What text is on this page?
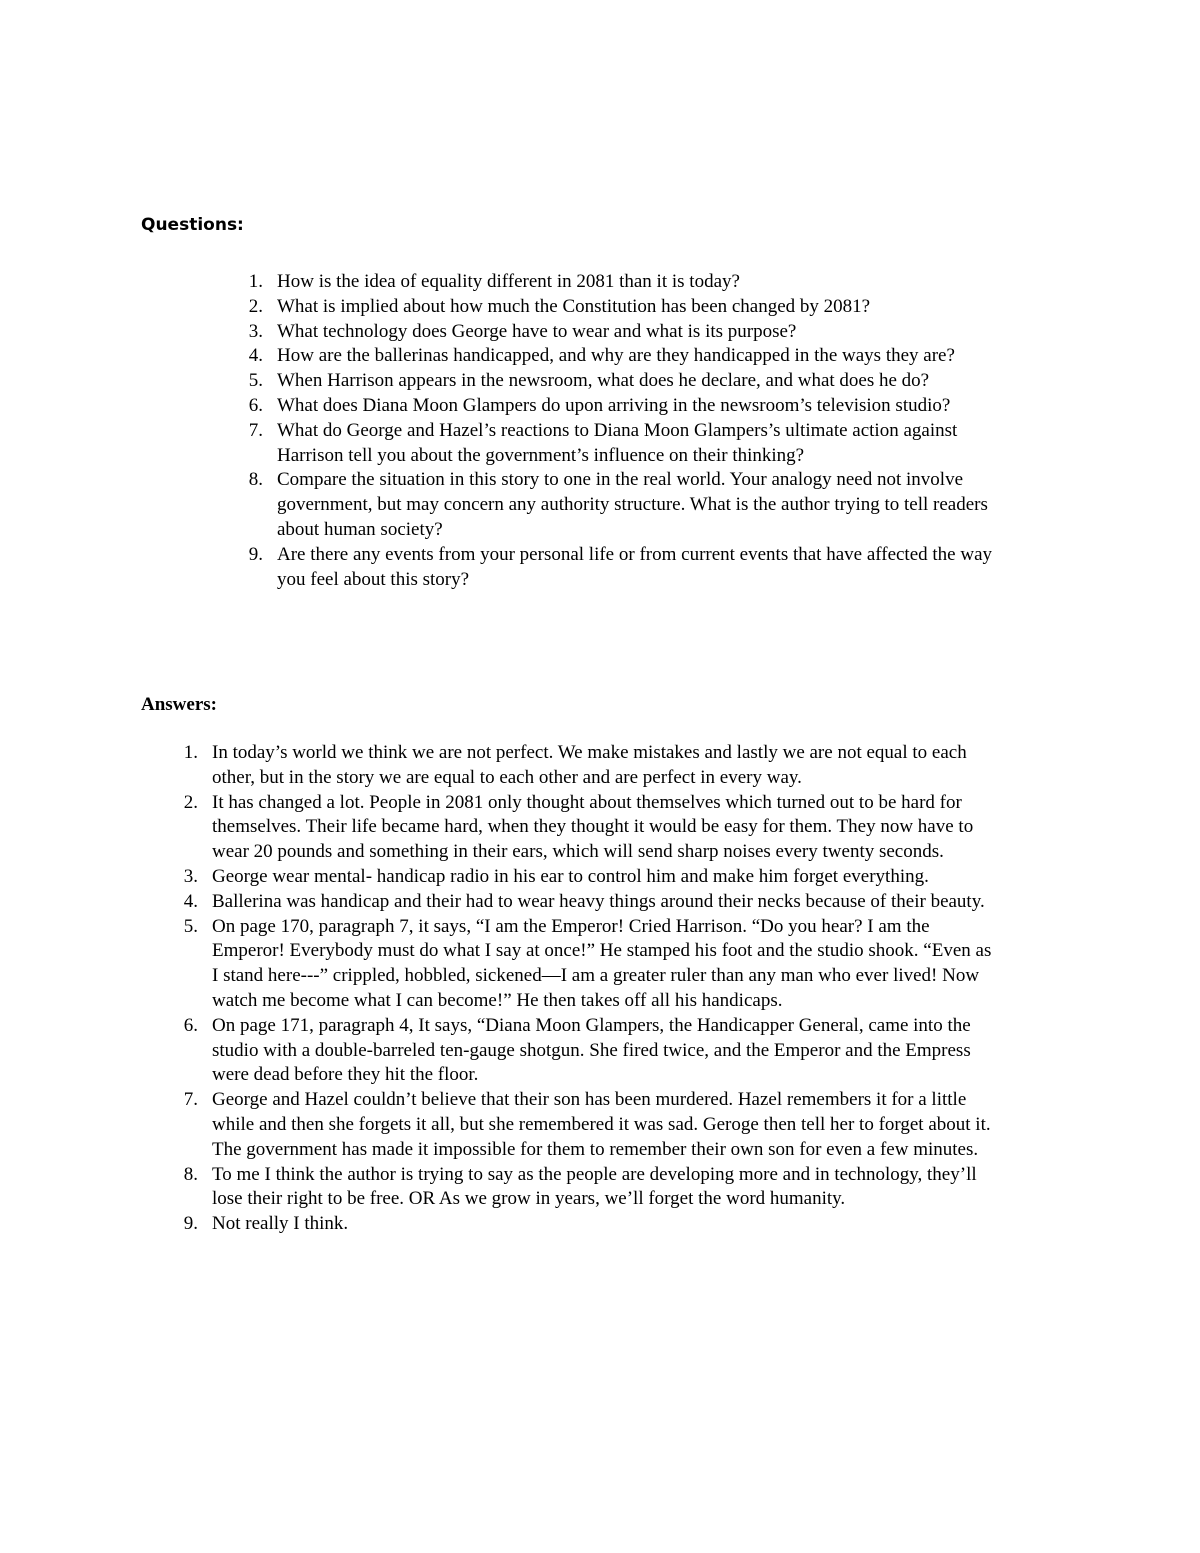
Questions:
1. How is the idea of equality different in 2081 than it is today?
2. What is implied about how much the Constitution has been changed by 2081?
3. What technology does George have to wear and what is its purpose?
4. How are the ballerinas handicapped, and why are they handicapped in the ways they are?
5. When Harrison appears in the newsroom, what does he declare, and what does he do?
6. What does Diana Moon Glampers do upon arriving in the newsroom’s television studio?
7. What do George and Hazel’s reactions to Diana Moon Glampers’s ultimate action against Harrison tell you about the government’s influence on their thinking?
8. Compare the situation in this story to one in the real world. Your analogy need not involve government, but may concern any authority structure. What is the author trying to tell readers about human society?
9. Are there any events from your personal life or from current events that have affected the way you feel about this story?
Answers:
1. In today’s world we think we are not perfect. We make mistakes and lastly we are not equal to each other, but in the story we are equal to each other and are perfect in every way.
2. It has changed a lot. People in 2081 only thought about themselves which turned out to be hard for themselves. Their life became hard, when they thought it would be easy for them. They now have to wear 20 pounds and something in their ears, which will send sharp noises every twenty seconds.
3. George wear mental- handicap radio in his ear to control him and make him forget everything.
4. Ballerina was handicap and their had to wear heavy things around their necks because of their beauty.
5. On page 170, paragraph 7, it says, “I am the Emperor! Cried Harrison. “Do you hear? I am the Emperor! Everybody must do what I say at once!” He stamped his foot and the studio shook. “Even as I stand here---” crippled, hobbled, sickened—I am a greater ruler than any man who ever lived! Now watch me become what I can become!” He then takes off all his handicaps.
6. On page 171, paragraph 4, It says, “Diana Moon Glampers, the Handicapper General, came into the studio with a double-barreled ten-gauge shotgun. She fired twice, and the Emperor and the Empress were dead before they hit the floor.
7. George and Hazel couldn’t believe that their son has been murdered. Hazel remembers it for a little while and then she forgets it all, but she remembered it was sad. Geroge then tell her to forget about it. The government has made it impossible for them to remember their own son for even a few minutes.
8. To me I think the author is trying to say as the people are developing more and in technology, they’ll lose their right to be free. OR As we grow in years, we’ll forget the word humanity.
9. Not really I think.
